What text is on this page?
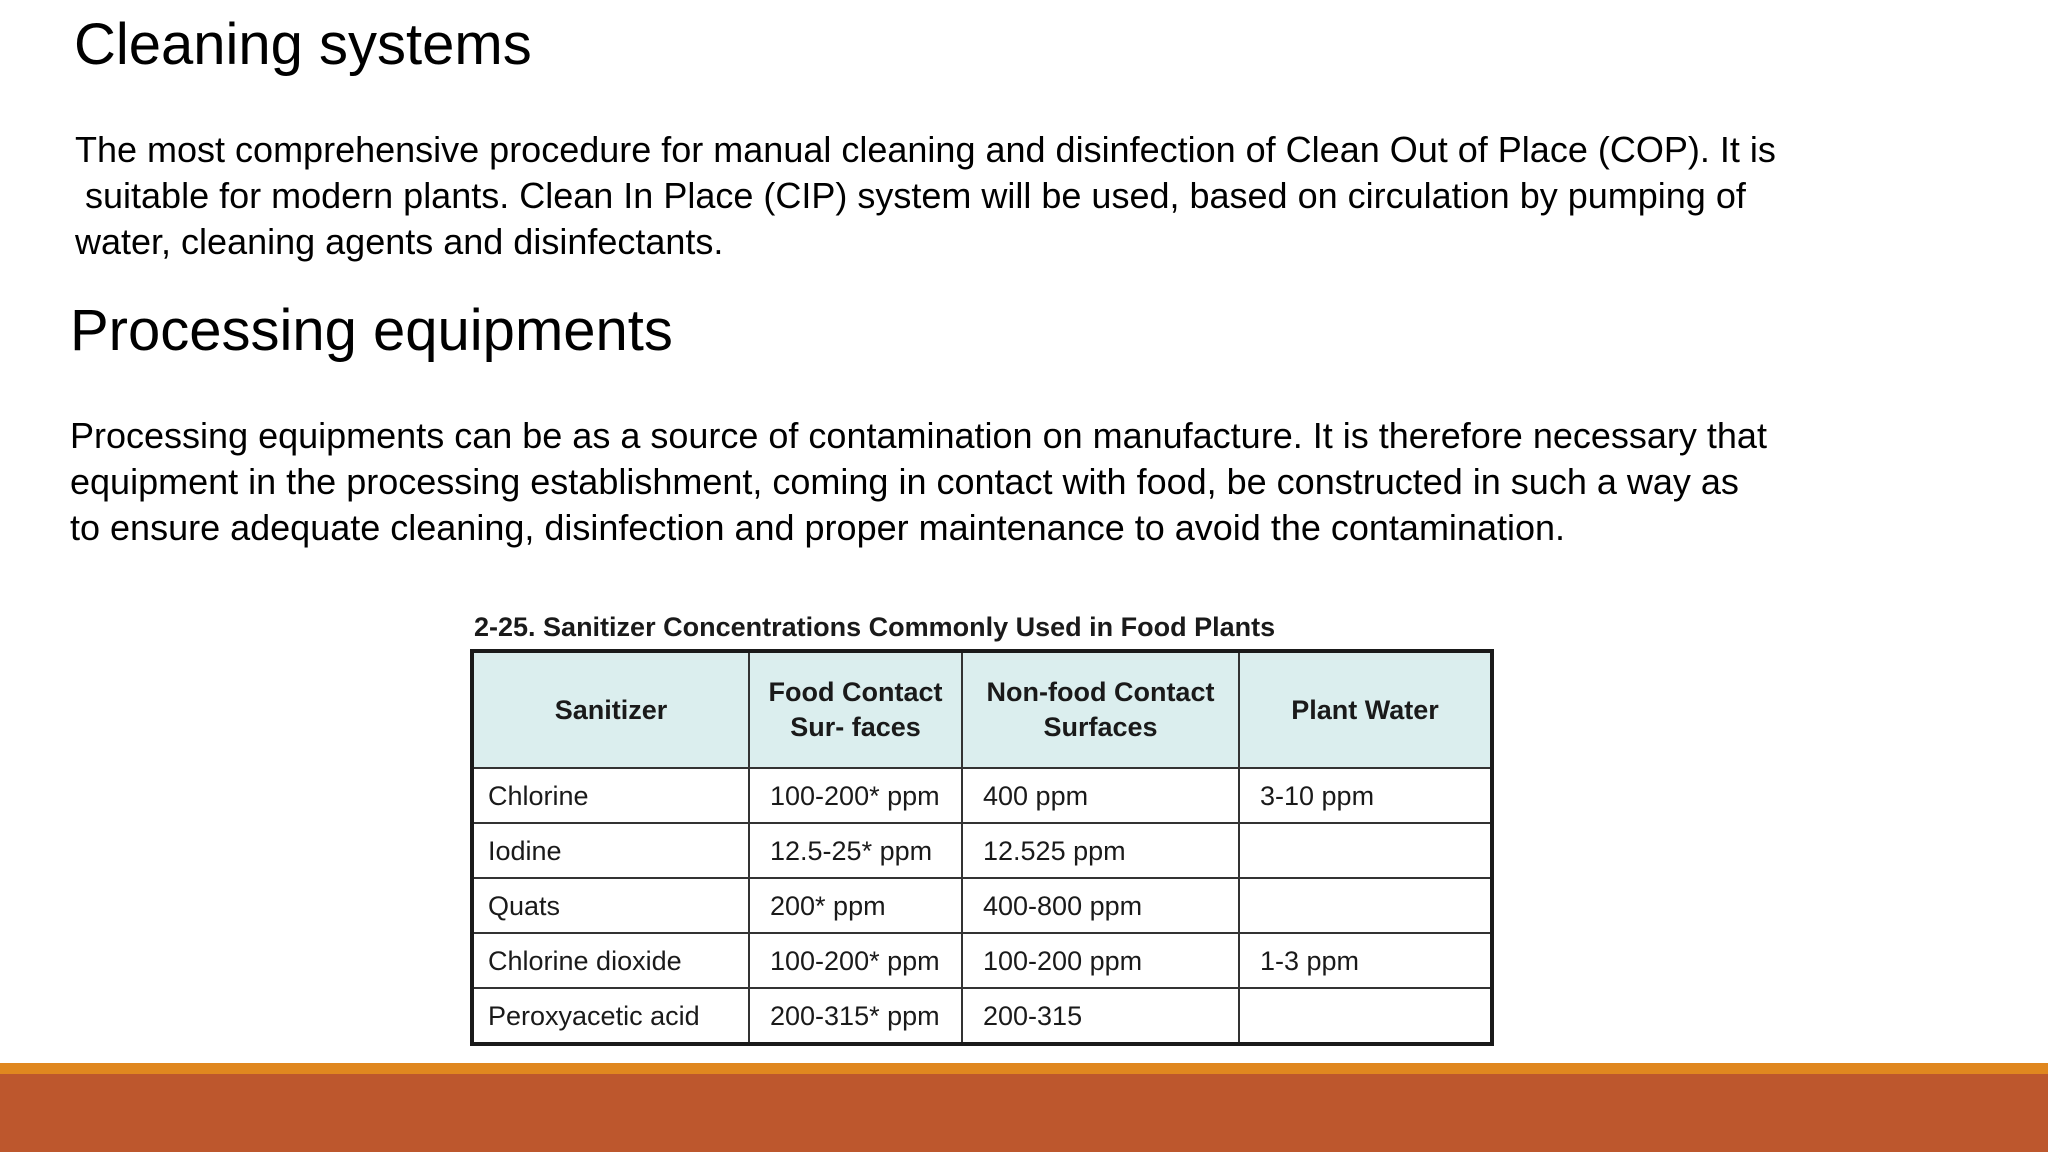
Cleaning systems

The most comprehensive procedure for manual cleaning and disinfection of Clean Out of Place (COP). It is
suitable for modern plants. Clean In Place (CIP) system will be used, based on circulation by pumping of
water, cleaning agents and disinfectants.

Processing equipments

Processing equipments can be as a source of contamination on manufacture. It is therefore necessary that
equipment in the processing establishment, coming in contact with food, be constructed in such a way as
to ensure adequate cleaning, disinfection and proper maintenance to avoid the contamination.

2-25. Sanitizer Concentrations Commonly Used in Food Plants
Sanitizer	Food Contact Sur- faces	Non-food Contact Surfaces	Plant Water
Chlorine	100-200* ppm	400 ppm	3-10 ppm
Iodine	12.5-25* ppm	12.525 ppm	
Quats	200* ppm	400-800 ppm	
Chlorine dioxide	100-200* ppm	100-200 ppm	1-3 ppm
Peroxyacetic acid	200-315* ppm	200-315	
